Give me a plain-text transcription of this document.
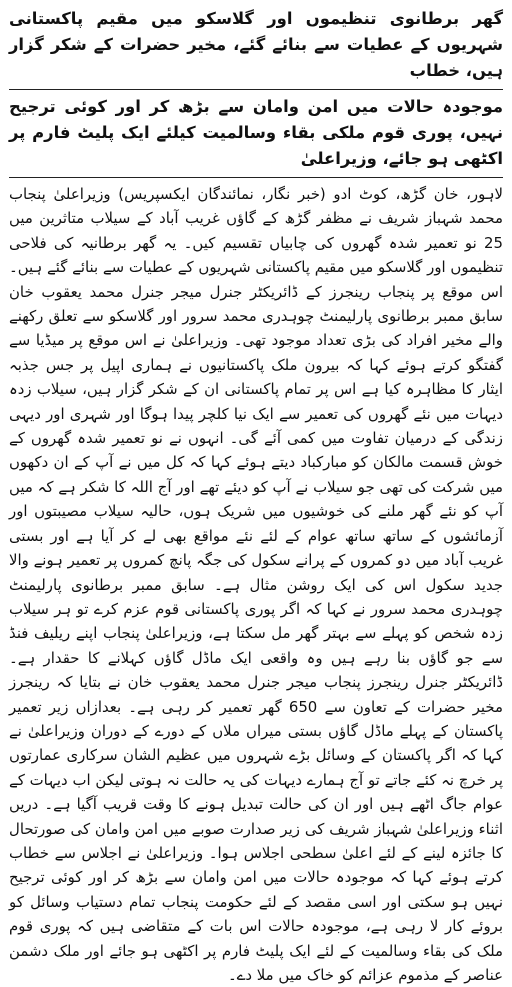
گھر برطانوی تنظیموں اور گلاسکو میں مقیم پاکستانی شہریوں کے عطیات سے بنائے گئے، مخیر حضرات کے شکر گزار ہیں، خطاب
موجودہ حالات میں امن وامان سے بڑھ کر اور کوئی ترجیح نہیں، پوری قوم ملکی بقاء وسالمیت کیلئے ایک پلیٹ فارم پر اکٹھی ہو جائے، وزیراعلیٰ

لاہور، خان گڑھ، کوٹ ادو (خبر نگار، نمائندگان ایکسپریس) وزیراعلیٰ پنجاب محمد شہباز شریف نے مظفر گڑھ کے گاؤں غریب آباد کے سیلاب متاثرین میں 25 نو تعمیر شدہ گھروں کی چابیاں تقسیم کیں۔ یہ گھر برطانیہ کی فلاحی تنظیموں اور گلاسکو میں مقیم پاکستانی شہریوں کے عطیات سے بنائے گئے ہیں۔ اس موقع پر پنجاب رینجرز کے ڈائریکٹر جنرل میجر جنرل محمد یعقوب خان سابق ممبر برطانوی پارلیمنٹ چوہدری محمد سرور اور گلاسکو سے تعلق رکھنے والے مخیر افراد کی بڑی تعداد موجود تھی۔ وزیراعلیٰ نے اس موقع پر میڈیا سے گفتگو کرتے ہوئے کہا کہ بیرون ملک پاکستانیوں نے ہماری اپیل پر جس جذبہ ایثار کا مظاہرہ کیا ہے اس پر تمام پاکستانی ان کے شکر گزار ہیں، سیلاب زدہ دیہات میں نئے گھروں کی تعمیر سے ایک نیا کلچر پیدا ہوگا اور شہری اور دیہی زندگی کے درمیان تفاوت میں کمی آئے گی۔ انہوں نے نو تعمیر شدہ گھروں کے خوش قسمت مالکان کو مبارکباد دیتے ہوئے کہا کہ کل میں نے آپ کے ان دکھوں میں شرکت کی تھی جو سیلاب نے آپ کو دیئے تھے اور آج اللہ کا شکر ہے کہ میں آپ کو نئے گھر ملنے کی خوشیوں میں شریک ہوں، حالیہ سیلاب مصیبتوں اور آزمائشوں کے ساتھ ساتھ عوام کے لئے نئے مواقع بھی لے کر آیا ہے اور بستی غریب آباد میں دو کمروں کے پرانے سکول کی جگہ پانچ کمروں پر تعمیر ہونے والا جدید سکول اس کی ایک روشن مثال ہے۔ سابق ممبر برطانوی پارلیمنٹ چوہدری محمد سرور نے کہا کہ اگر پوری پاکستانی قوم عزم کرے تو ہر سیلاب زدہ شخص کو پہلے سے بہتر گھر مل سکتا ہے، وزیراعلیٰ پنجاب اپنے ریلیف فنڈ سے جو گاؤں بنا رہے ہیں وہ واقعی ایک ماڈل گاؤں کہلانے کا حقدار ہے۔ ڈائریکٹر جنرل رینجرز پنجاب میجر جنرل محمد یعقوب خان نے بتایا کہ رینجرز مخیر حضرات کے تعاون سے 650 گھر تعمیر کر رہی ہے۔ بعدازاں زیر تعمیر پاکستان کے پہلے ماڈل گاؤں بستی میراں ملاں کے دورے کے دوران وزیراعلیٰ نے کہا کہ اگر پاکستان کے وسائل بڑے شہروں میں عظیم الشان سرکاری عمارتوں پر خرچ نہ کئے جاتے تو آج ہمارے دیہات کی یہ حالت نہ ہوتی لیکن اب دیہات کے عوام جاگ اٹھے ہیں اور ان کی حالت تبدیل ہونے کا وقت قریب آگیا ہے۔ دریں اثناء وزیراعلیٰ شہباز شریف کی زیر صدارت صوبے میں امن وامان کی صورتحال کا جائزہ لینے کے لئے اعلیٰ سطحی اجلاس ہوا۔ وزیراعلیٰ نے اجلاس سے خطاب کرتے ہوئے کہا کہ موجودہ حالات میں امن وامان سے بڑھ کر اور کوئی ترجیح نہیں ہو سکتی اور اسی مقصد کے لئے حکومت پنجاب تمام دستیاب وسائل کو بروئے کار لا رہی ہے، موجودہ حالات اس بات کے متقاضی ہیں کہ پوری قوم ملک کی بقاء وسالمیت کے لئے ایک پلیٹ فارم پر اکٹھی ہو جائے اور ملک دشمن عناصر کے مذموم عزائم کو خاک میں ملا دے۔
